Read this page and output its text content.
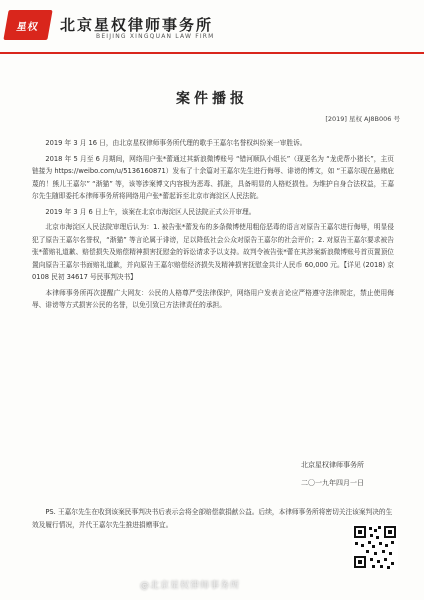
星权 北京星权律师事务所
BEIJING XINGQUAN LAW FIRM
案件播报
[2019] 星权 AJ8B006 号

2019 年 3 月 16 日，由北京星权律师事务所代理的歌手王嘉尔名誉权纠纷案一审胜诉。

2018 年 5 月至 6 月期间，网络用户张*蕾通过其新浪微博账号 “错河顺队小组长”（现更名为 “龙虎帮小猪长”，主页链接为 https://weibo.com/u/5136160871）发布了十余篇对王嘉尔先生进行侮辱、诽谤的博文，如 “王嘉尔现在悬赌庇蔑的！熊儿王嘉尔” “渐猫” 等，该等涉案博文内容极为恶毒、抓脏，具备明显的人格贬损性。为维护自身合法权益，王嘉尔先生随即委托本律师事务所将网络用户张*蕾起诉至北京市海淀区人民法院。

2019 年 3 月 6 日上午，该案在北京市海淀区人民法院正式公开审理。

北京市海淀区人民法院审理后认为：1. 被告张*蕾发布的多条微博使用粗俗恶毒的语言对原告王嘉尔进行侮辱，明显侵犯了原告王嘉尔名誉权，“渐猫” 等言论属于诽谤，足以降低社会公众对原告王嘉尔的社会评价；2. 对原告王嘉尔要求被告张*蕾赔礼道歉、赔偿损失及赔偿精神损害抚慰金的诉讼请求予以支持。故判令被告张*蕾在其涉案新浪微博账号首页置顶位置向原告王嘉尔书面赔礼道歉，并向原告王嘉尔赔偿经济损失及精神损害抚慰金共计人民币 60,000 元。【详见 (2018) 京 0108 民初 34617 号民事判决书】

本律师事务所再次提醒广大网友：公民的人格尊严受法律保护，网络用户发表言论应严格遵守法律规定，禁止使用侮辱、诽谤等方式损害公民的名誉，以免引致已方法律责任的承担。

北京星权律师事务所
二〇一九年四月一日
PS. 王嘉尔先生在收到该案民事判决书后表示会将全部赔偿款捐献公益。后续，本律师事务所将密切关注该案判决的生效及履行情况，并代王嘉尔先生推进捐赠事宜。
@北京星权律师事务所
